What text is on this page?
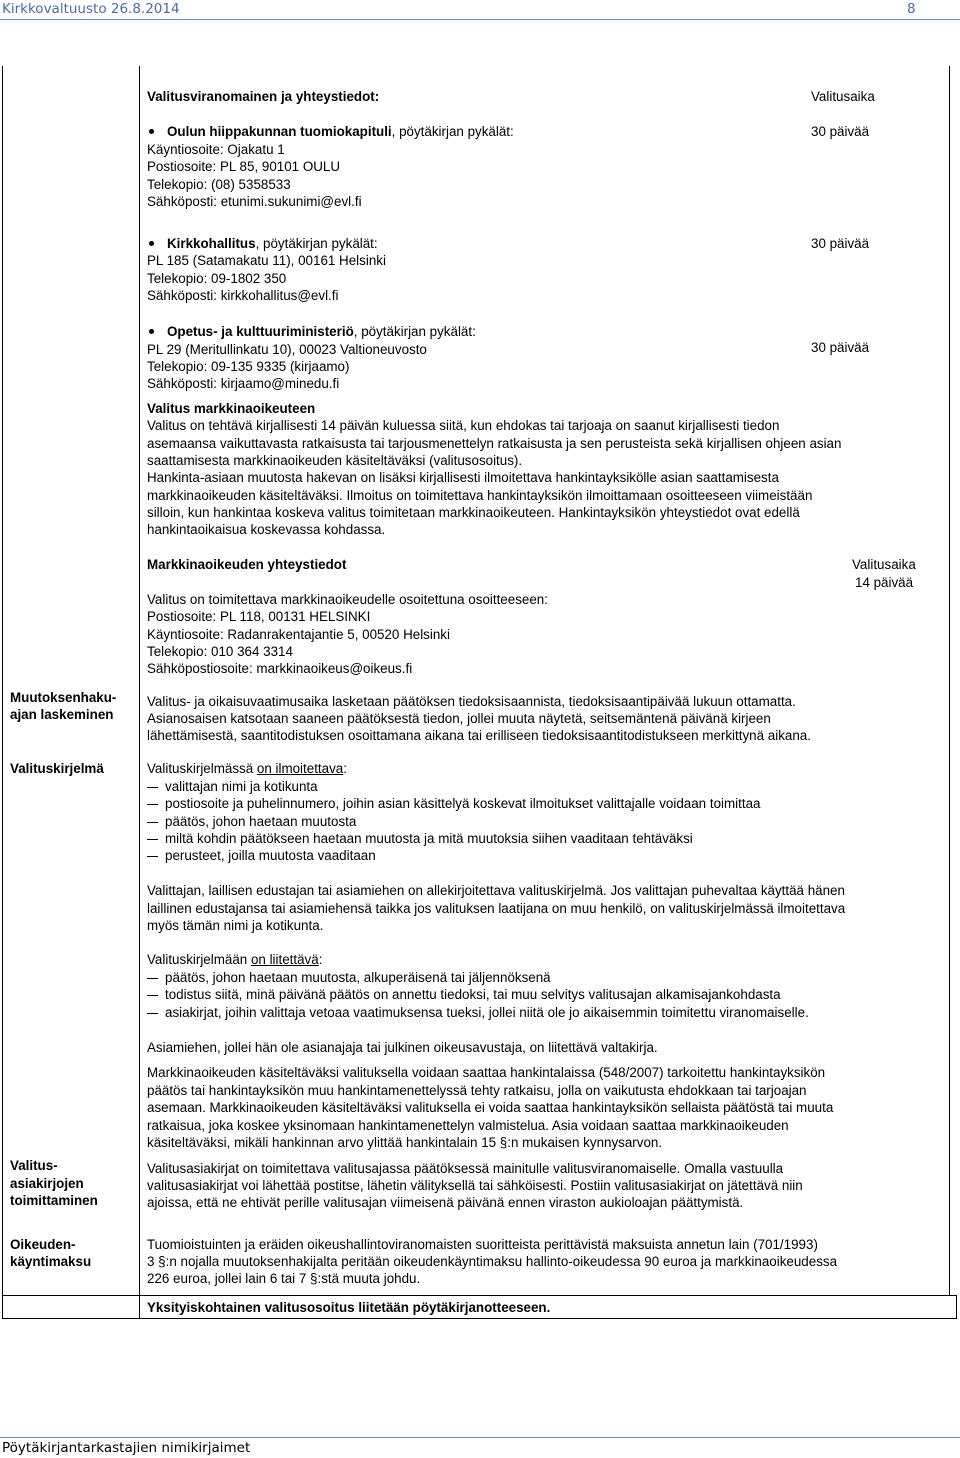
Kirkkovaltuusto 26.8.2014	8
Valitusviranomainen ja yhteystiedot:	Valitusaika
Oulun hiippakunnan tuomiokapituli, pöytäkirjan pykälät:
Käyntiosoite: Ojakatu 1
Postiosoite: PL 85, 90101 OULU
Telekopio: (08) 5358533
Sähköposti: etunimi.sukunimi@evl.fi
30 päivää
Kirkkohallitus, pöytäkirjan pykälät:
PL 185 (Satamakatu 11), 00161 Helsinki
Telekopio: 09-1802 350
Sähköposti: kirkkohallitus@evl.fi
30 päivää
Opetus- ja kulttuuriministeriö, pöytäkirjan pykälät:
PL 29 (Meritullinkatu 10), 00023 Valtioneuvosto
Telekopio: 09-135 9335 (kirjaamo)
Sähköposti: kirjaamo@minedu.fi
30 päivää
Valitus markkinaoikeuteen
Valitus on tehtävä kirjallisesti 14 päivän kuluessa siitä, kun ehdokas tai tarjoaja on saanut kirjallisesti tiedon
asemaansa vaikuttavasta ratkaisusta tai tarjousmenettelyn ratkaisusta ja sen perusteista sekä kirjallisen ohjeen asian
saattamisesta markkinaoikeuden käsiteltäväksi (valitusosoitus).
Hankinta-asiaan muutosta hakevan on lisäksi kirjallisesti ilmoitettava hankintayksikölle asian saattamisesta
markkinaoikeuden käsiteltäväksi. Ilmoitus on toimitettava hankintayksikön ilmoittamaan osoitteeseen viimeistään
silloin, kun hankintaa koskeva valitus toimitetaan markkinaoikeuteen. Hankintayksikön yhteystiedot ovat edellä
hankintaoikaisua koskevassa kohdassa.
Markkinaoikeuden yhteystiedot	Valitusaika
14 päivää
Valitus on toimitettava markkinaoikeudelle osoitettuna osoitteeseen:
Postiosoite: PL 118, 00131 HELSINKI
Käyntiosoite: Radanrakentajantie 5, 00520 Helsinki
Telekopio: 010 364 3314
Sähköpostiosoite: markkinaoikeus@oikeus.fi
Muutoksenhaku-
ajan laskeminen
Valitus- ja oikaisuvaatimusaika lasketaan päätöksen tiedoksisaannista, tiedoksisaantipäivää lukuun ottamatta.
Asianosaisen katsotaan saaneen päätöksestä tiedon, jollei muuta näytetä, seitsemäntenä päivänä kirjeen
lähettämisestä, saantitodistuksen osoittamana aikana tai erilliseen tiedoksisaantitodistukseen merkittynä aikana.
Valituskirjelmä	Valituskirjelmässä on ilmoitettava:
valittajan nimi ja kotikunta
postiosoite ja puhelinnumero, joihin asian käsittelyä koskevat ilmoitukset valittajalle voidaan toimittaa
päätös, johon haetaan muutosta
miltä kohdin päätökseen haetaan muutosta ja mitä muutoksia siihen vaaditaan tehtäväksi
perusteet, joilla muutosta vaaditaan
Valittajan, laillisen edustajan tai asiamiehen on allekirjoitettava valituskirjelmä. Jos valittajan puhevaltaa käyttää hänen
laillinen edustajansa tai asiamiehensä taikka jos valituksen laatijana on muu henkilö, on valituskirjelmässä ilmoitettava
myös tämän nimi ja kotikunta.
Valituskirjelmään on liitettävä:
päätös, johon haetaan muutosta, alkuperäisenä tai jäljennöksenä
todistus siitä, minä päivänä päätös on annettu tiedoksi, tai muu selvitys valitusajan alkamisajankohdasta
asiakirjat, joihin valittaja vetoaa vaatimuksensa tueksi, jollei niitä ole jo aikaisemmin toimitettu viranomaiselle.
Asiamiehen, jollei hän ole asianajaja tai julkinen oikeusavustaja, on liitettävä valtakirja.
Markkinaoikeuden käsiteltäväksi valituksella voidaan saattaa hankintalaissa (548/2007) tarkoitettu hankintayksikön
päätös tai hankintayksikön muu hankintamenettelyssä tehty ratkaisu, jolla on vaikutusta ehdokkaan tai tarjoajan
asemaan. Markkinaoikeuden käsiteltäväksi valituksella ei voida saattaa hankintayksikön sellaista päätöstä tai muuta
ratkaisua, joka koskee yksinomaan hankintamenettelyn valmistelua. Asia voidaan saattaa markkinaoikeuden
käsiteltäväksi, mikäli hankinnan arvo ylittää hankintalain 15 §:n mukaisen kynnysarvon.
Valitus-
asiakirjojen
toimittaminen
Valitusasiakirjat on toimitettava valitusajassa päätöksessä mainitulle valitusviranomaiselle. Omalla vastuulla
valitusasiakirjat voi lähettää postitse, lähetin välityksellä tai sähköisesti. Postiin valitusasiakirjat on jätettävä niin
ajoissa, että ne ehtivät perille valitusajan viimeisenä päivänä ennen viraston aukioloajan päättymistä.
Oikeuden-
käyntimaksu
Tuomioistuinten ja eräiden oikeushallintoviranomaisten suoritteista perittävistä maksuista annetun lain (701/1993)
3 §:n nojalla muutoksenhakijalta peritään oikeudenkäyntimaksu hallinto-oikeudessa 90 euroa ja markkinaoikeudessa
226 euroa, jollei lain 6 tai 7 §:stä muuta johdu.
Yksityiskohtainen valitusosoitus liitetään pöytäkirjanotteeseen.
Pöytäkirjantarkastajien nimikirjaimet
